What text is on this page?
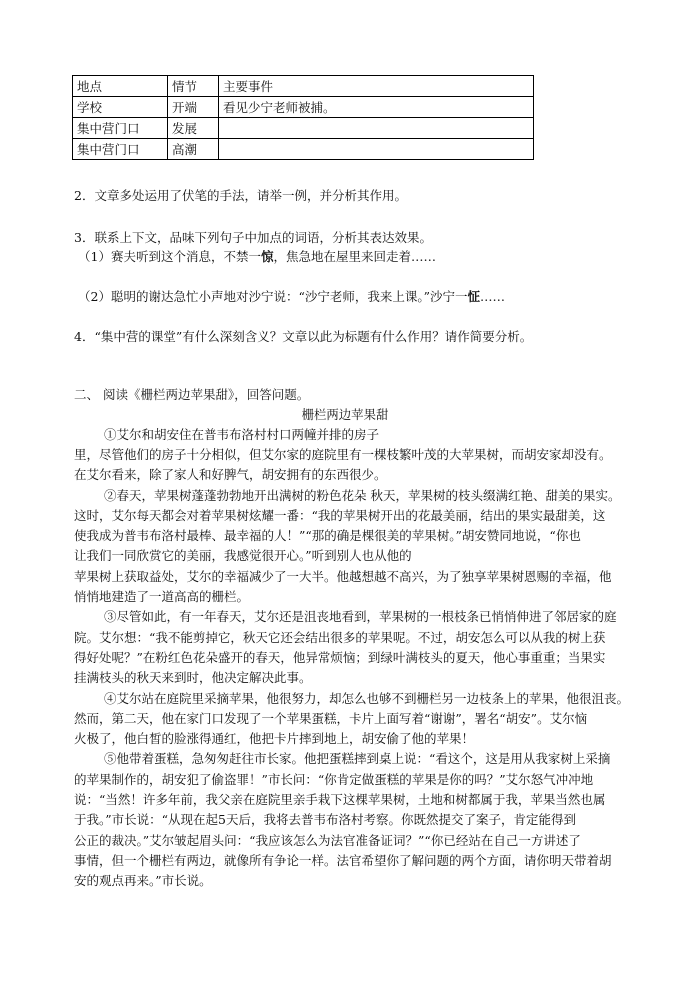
地点	情节	主要事件
学校	开端	看见少宁老师被捕。
集中营门口	发展	
集中营门口	高潮	
2．文章多处运用了伏笔的手法，请举一例，并分析其作用。
3．联系上下文，品味下列句子中加点的词语，分析其表达效果。
（1）赛夫听到这个消息，不禁一惊，焦急地在屋里来回走着……
（2）聪明的谢达急忙小声地对沙宁说：“沙宁老师，我来上课。”沙宁一怔……
4．“集中营的课堂”有什么深刻含义？文章以此为标题有什么作用？请作简要分析。
二、 阅读《栅栏两边苹果甜》，回答问题。
栅栏两边苹果甜
①艾尔和胡安住在普韦布洛村村口两幢并排的房子
里，尽管他们的房子十分相似，但艾尔家的庭院里有一棵枝繁叶茂的大苹果树，而胡安家却没有。
在艾尔看来，除了家人和好脾气，胡安拥有的东西很少。
②春天，苹果树蓬蓬勃勃地开出满树的粉色花朵 秋天，苹果树的枝头缀满红艳、甜美的果实。
这时，艾尔每天都会对着苹果树炫耀一番：“我的苹果树开出的花最美丽，结出的果实最甜美，这
使我成为普韦布洛村最棒、最幸福的人！”“那的确是棵很美的苹果树。”胡安赞同地说，“你也
让我们一同欣赏它的美丽，我感觉很开心。”听到别人也从他的
苹果树上获取益处，艾尔的幸福减少了一大半。他越想越不高兴，为了独享苹果树恩赐的幸福，他
悄悄地建造了一道高高的栅栏。
③尽管如此，有一年春天，艾尔还是沮丧地看到，苹果树的一根枝条已悄悄伸进了邻居家的庭
院。艾尔想：“我不能剪掉它，秋天它还会结出很多的苹果呢。不过，胡安怎么可以从我的树上获
得好处呢？”在粉红色花朵盛开的春天，他异常烦恼；到绿叶满枝头的夏天，他心事重重；当果实
挂满枝头的秋天来到时，他决定解决此事。
④艾尔站在庭院里采摘苹果，他很努力，却怎么也够不到栅栏另一边枝条上的苹果，他很沮丧。
然而，第二天，他在家门口发现了一个苹果蛋糕，卡片上面写着“谢谢”，署名“胡安”。艾尔恼
火极了，他白皙的脸涨得通红，他把卡片摔到地上，胡安偷了他的苹果！
⑤他带着蛋糕，急匆匆赶往市长家。他把蛋糕摔到桌上说：“看这个，这是用从我家树上采摘
的苹果制作的，胡安犯了偷盗罪！”市长问：“你肯定做蛋糕的苹果是你的吗？”艾尔怒气冲冲地
说：“当然！许多年前，我父亲在庭院里亲手栽下这棵苹果树，土地和树都属于我，苹果当然也属
于我。”市长说：“从现在起5天后，我将去普韦布洛村考察。你既然提交了案子，肯定能得到
公正的裁决。”艾尔皱起眉头问：“我应该怎么为法官准备证词？”“你已经站在自己一方讲述了
事情，但一个栅栏有两边，就像所有争论一样。法官希望你了解问题的两个方面，请你明天带着胡
安的观点再来。”市长说。
